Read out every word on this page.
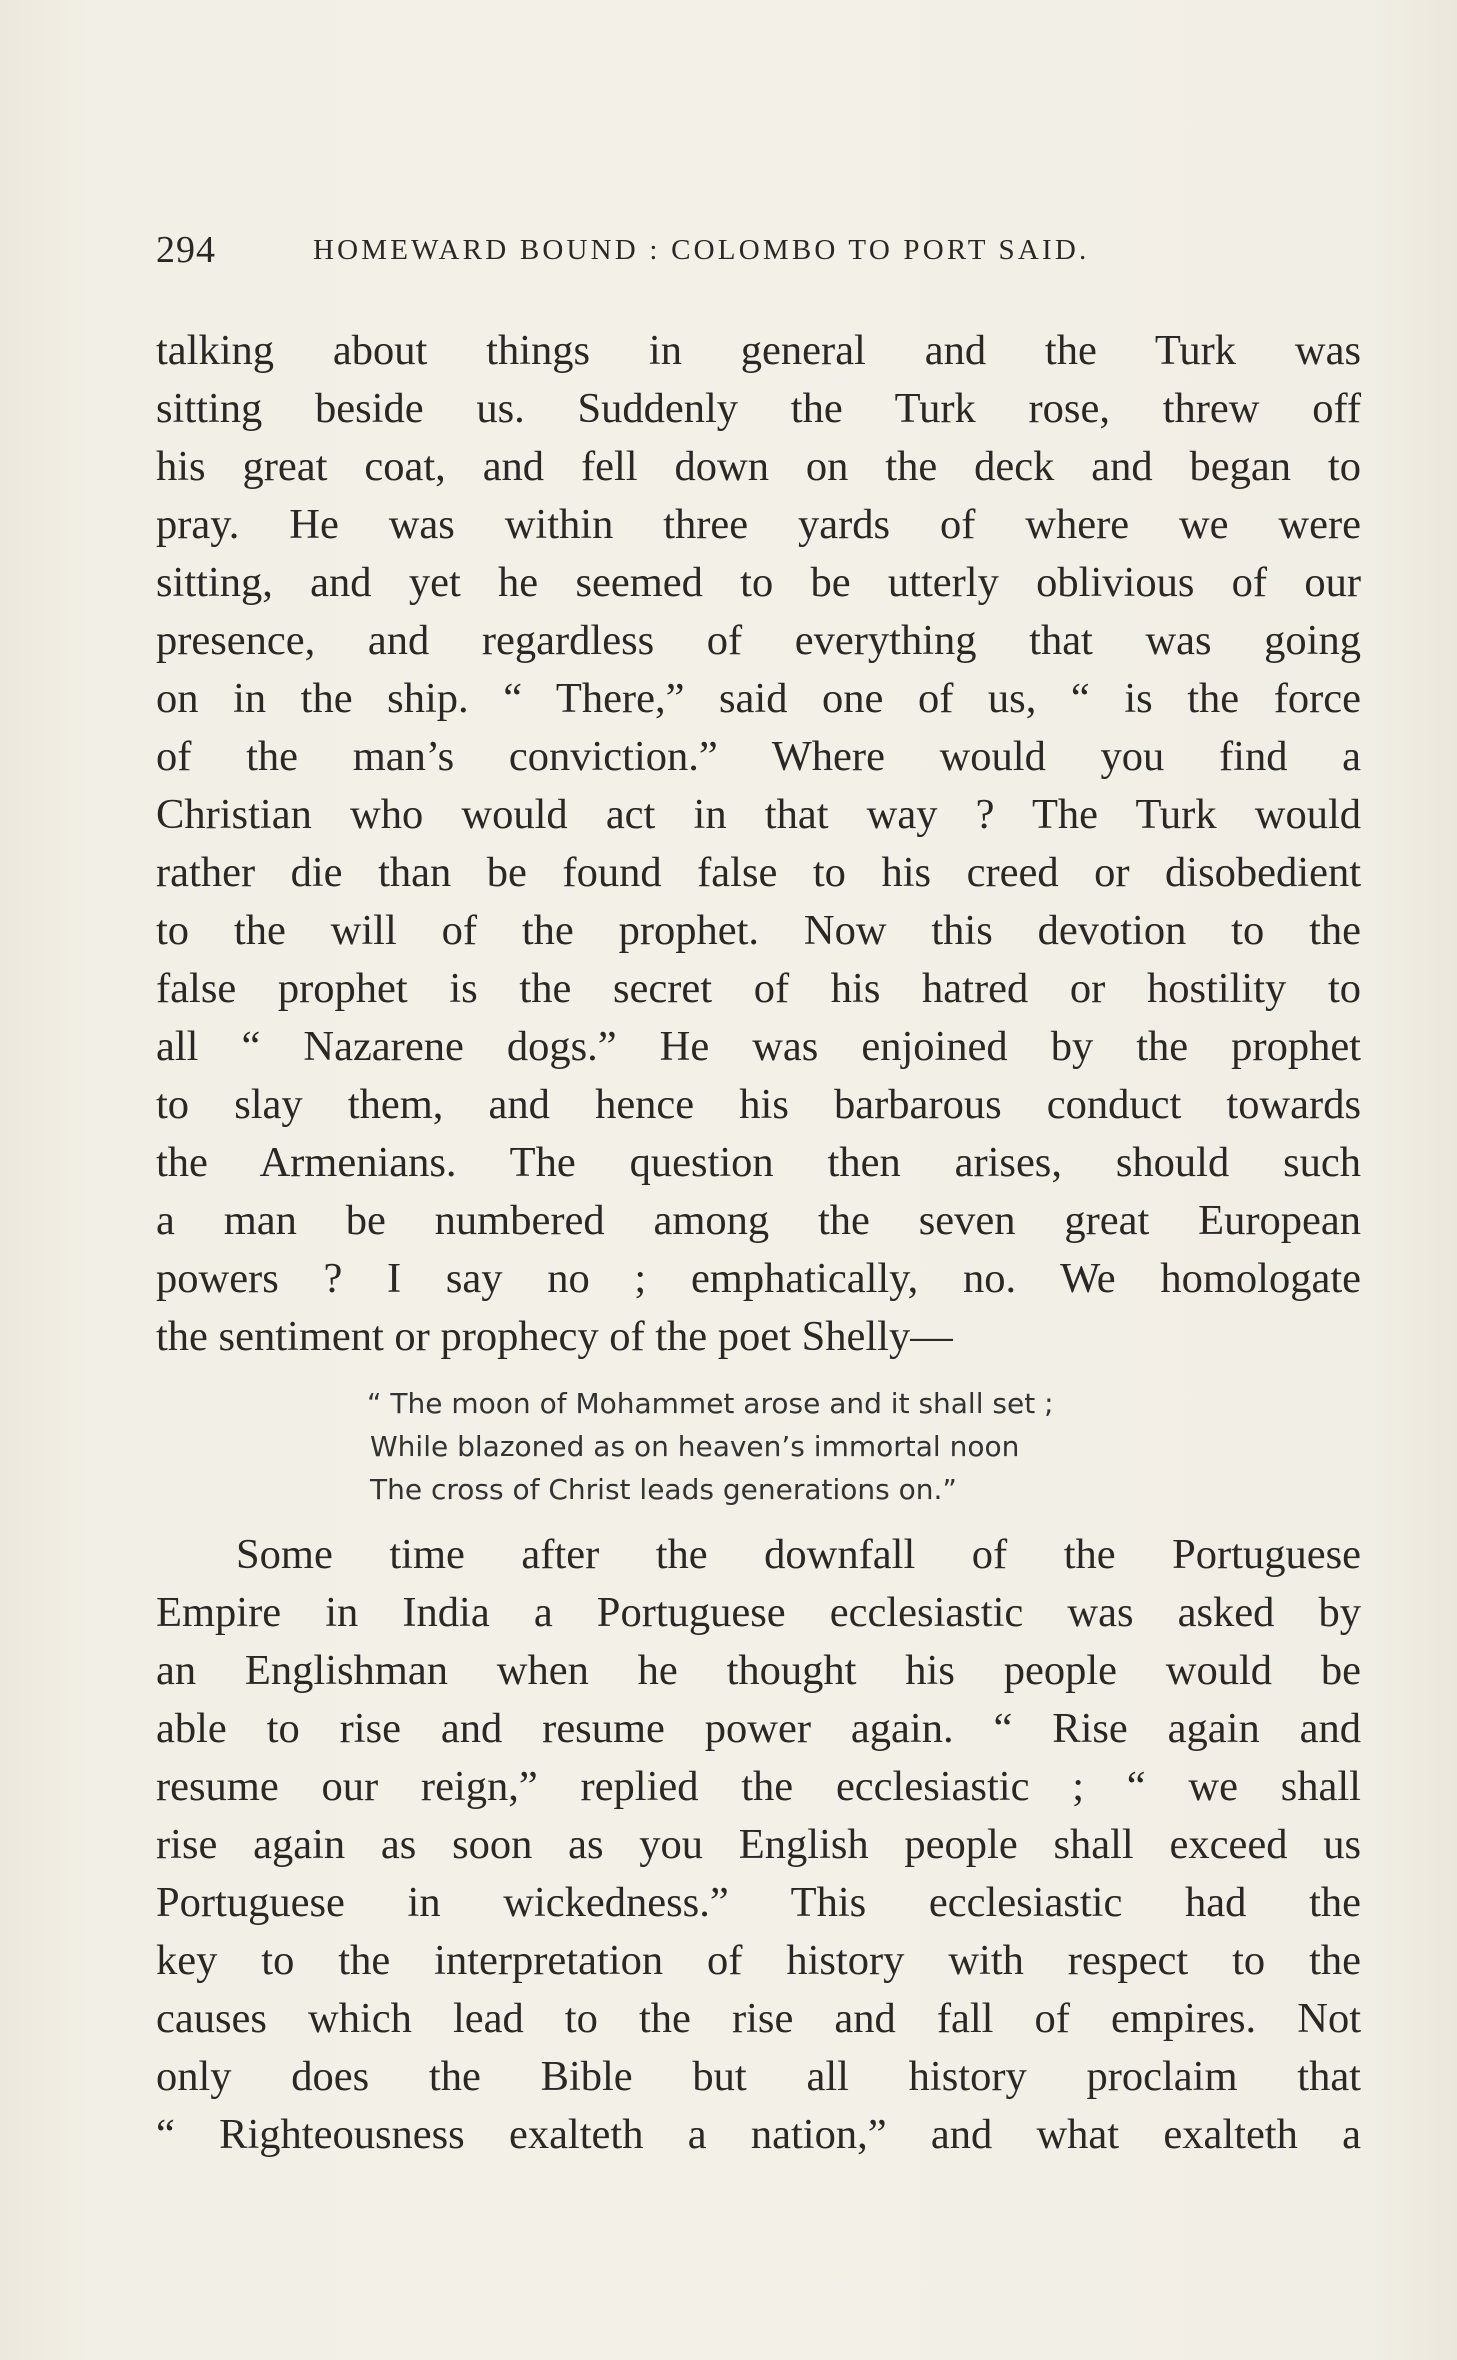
294	HOMEWARD BOUND : COLOMBO TO PORT SAID.
talking about things in general and the Turk was
sitting beside us. Suddenly the Turk rose, threw off
his great coat, and fell down on the deck and began to
pray. He was within three yards of where we were
sitting, and yet he seemed to be utterly oblivious of our
presence, and regardless of everything that was going
on in the ship. “ There,” said one of us, “ is the force
of the man’s conviction.” Where would you find a
Christian who would act in that way ? The Turk would
rather die than be found false to his creed or disobedient
to the will of the prophet. Now this devotion to the
false prophet is the secret of his hatred or hostility to
all “ Nazarene dogs.” He was enjoined by the prophet
to slay them, and hence his barbarous conduct towards
the Armenians. The question then arises, should such
a man be numbered among the seven great European
powers ? I say no ; emphatically, no. We homologate
the sentiment or prophecy of the poet Shelly—
“ The moon of Mohammet arose and it shall set ;
While blazoned as on heaven’s immortal noon
The cross of Christ leads generations on.”
Some time after the downfall of the Portuguese
Empire in India a Portuguese ecclesiastic was asked by
an Englishman when he thought his people would be
able to rise and resume power again. “ Rise again and
resume our reign,” replied the ecclesiastic ; “ we shall
rise again as soon as you English people shall exceed us
Portuguese in wickedness.” This ecclesiastic had the
key to the interpretation of history with respect to the
causes which lead to the rise and fall of empires. Not
only does the Bible but all history proclaim that
“ Righteousness exalteth a nation,” and what exalteth a
